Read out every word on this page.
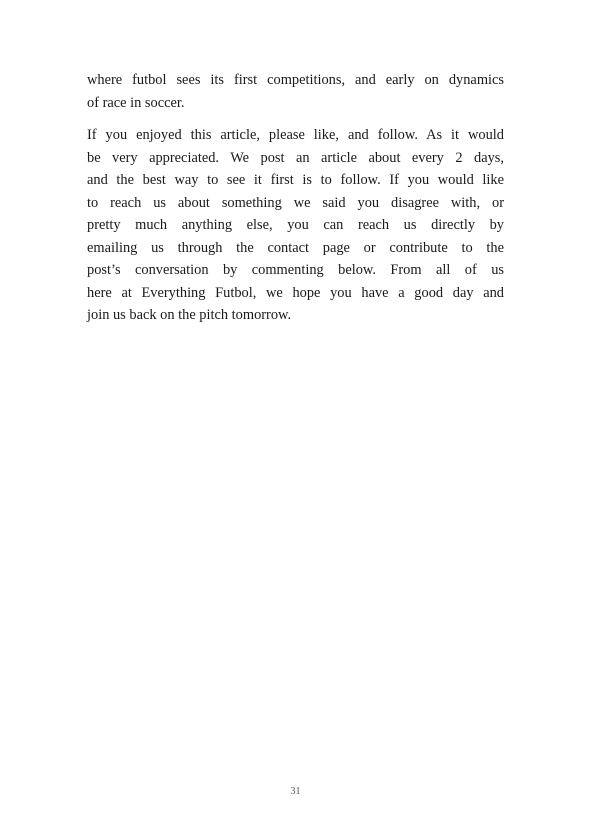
where futbol sees its first competitions, and early on dynamics
of race in soccer.

If you enjoyed this article, please like, and follow. As it would
be very appreciated. We post an article about every 2 days,
and the best way to see it first is to follow. If you would like
to reach us about something we said you disagree with, or
pretty much anything else, you can reach us directly by
emailing us through the contact page or contribute to the
post’s conversation by commenting below. From all of us
here at Everything Futbol, we hope you have a good day and
join us back on the pitch tomorrow.

31
